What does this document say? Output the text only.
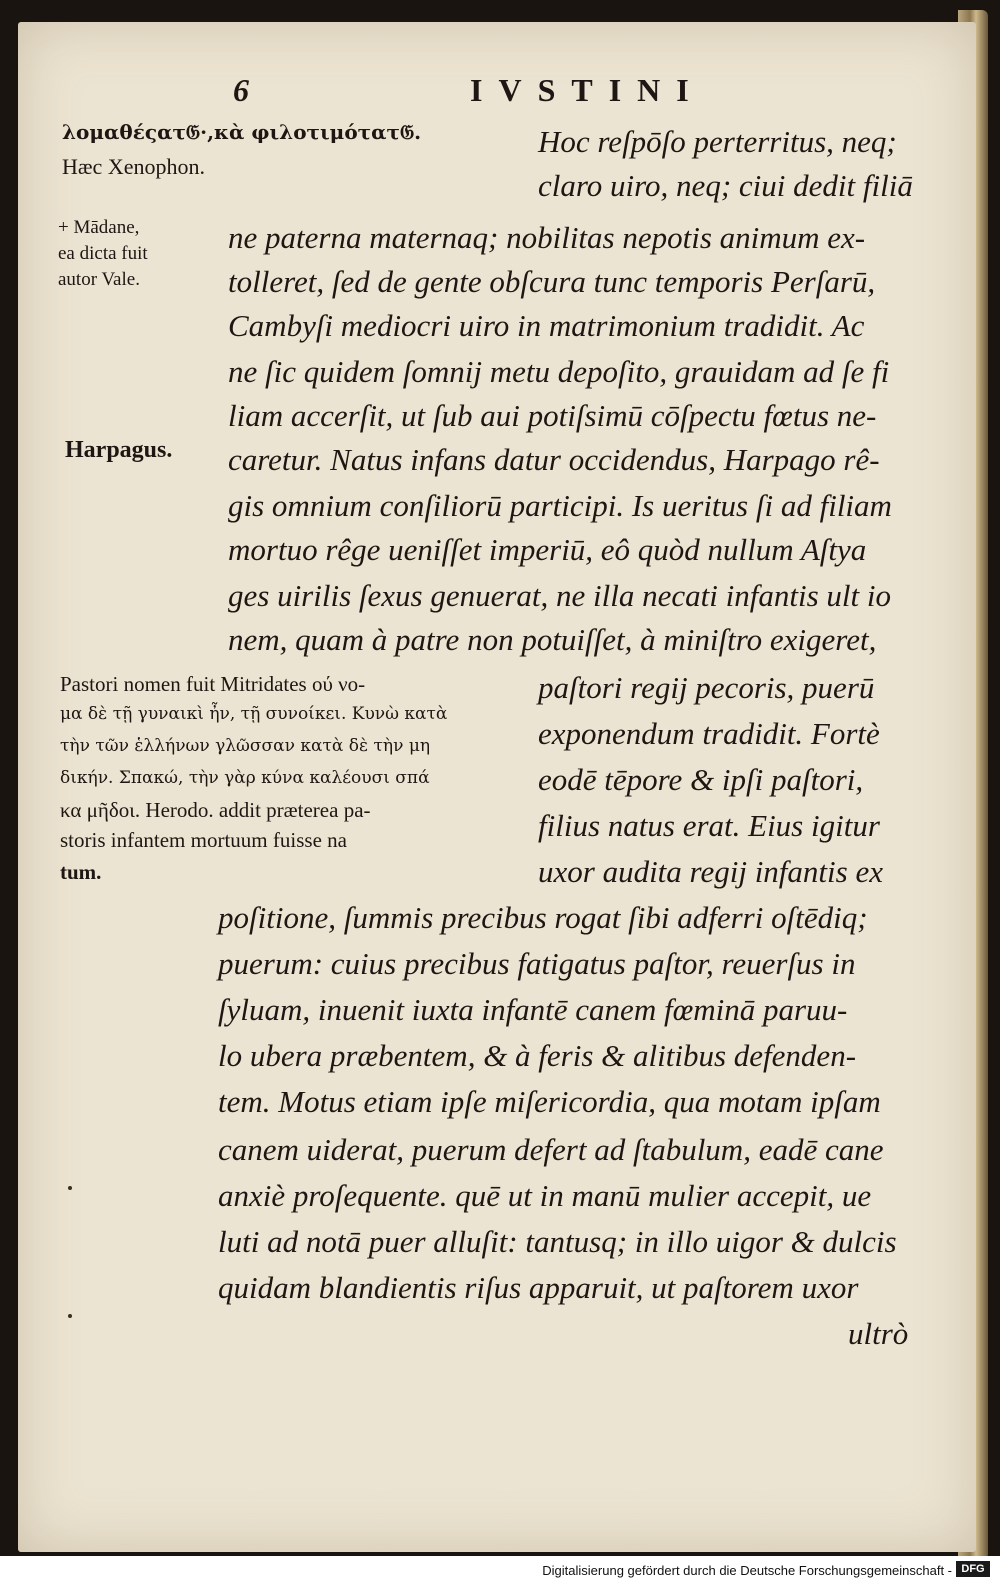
6	IVSTINI
λομαθέςατ𝔊·,κὰ φιλοτιμότατ𝔊.
Hæc Xenophon.
+ Mādane,
ea dicta fuit
autor Vale.
Harpagus.
Pastori nomen fuit Mitridates ού νο-
μα δὲ τῇ γυναικὶ ἦν, τῇ συνοίκει. Κυνὼ κατὰ
τὴν τῶν ἑλλήνων γλῶσσαν κατὰ δὲ τὴν μη
δικήν. Σπακώ, τὴν γὰρ κύνα καλέουσι σπά
κα μῆδοι. Herodo. addit præterea pa-
storis infantem mortuum fuisse na
tum.
Hoc reſpōſo perterritus, neq;
claro uiro, neq; ciui dedit filiā
ne paterna maternaq; nobilitas nepotis animum ex-
tolleret, ſed de gente obſcura tunc temporis Perſarū,
Cambyſi mediocri uiro in matrimonium tradidit. Ac
ne ſic quidem ſomnij metu depoſito, grauidam ad ſe fi
liam accerſit, ut ſub aui potiſsimū cōſpectu fœtus ne-
caretur. Natus infans datur occidendus, Harpago rê-
gis omnium conſiliorū participi. Is ueritus ſi ad filiam
mortuo rêge ueniſſet imperiū, eô quòd nullum Aſtya
ges uirilis ſexus genuerat, ne illa necati infantis ult io
nem, quam à patre non potuiſſet, à miniſtro exigeret,
paſtori regij pecoris, puerū
exponendum tradidit. Fortè
eodē tēpore & ipſi paſtori,
filius natus erat. Eius igitur
uxor audita regij infantis ex
poſitione, ſummis precibus rogat ſibi adferri oſtēdiq;
puerum: cuius precibus fatigatus paſtor, reuerſus in
ſyluam, inuenit iuxta infantē canem fœminā paruu-
lo ubera præbentem, & à feris & alitibus defenden-
tem. Motus etiam ipſe miſericordia, qua motam ipſam
canem uiderat, puerum defert ad ſtabulum, eadē cane
anxiè proſequente. quē ut in manū mulier accepit, ue
luti ad notā puer alluſit: tantusq; in illo uigor & dulcis
quidam blandientis riſus apparuit, ut paſtorem uxor
ultrò
Digitalisierung gefördert durch die Deutsche Forschungsgemeinschaft - DFG
